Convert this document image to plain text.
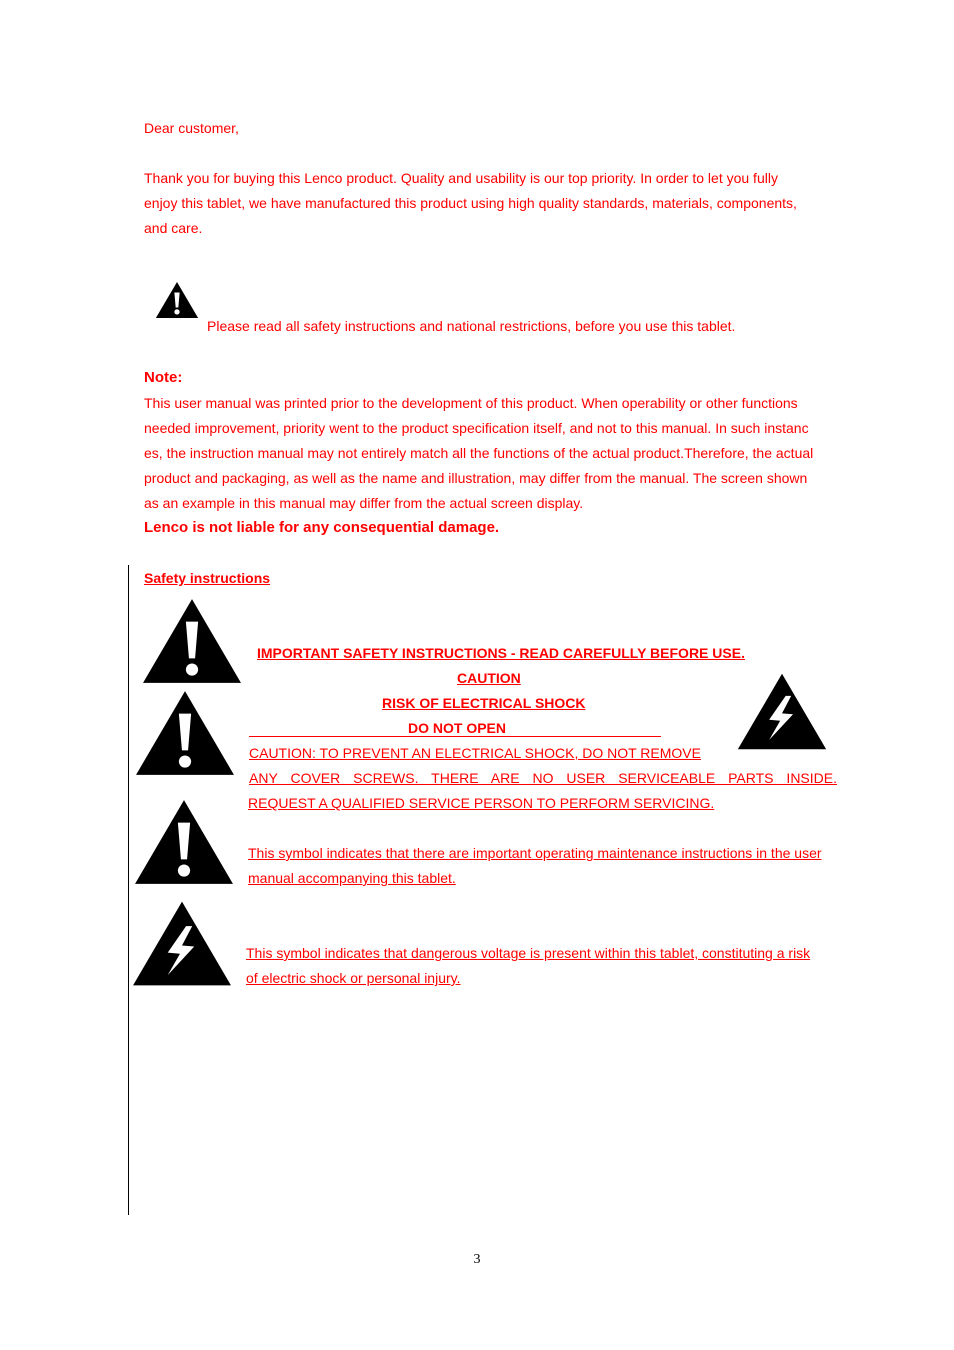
Dear customer,
Thank you for buying this Lenco product. Quality and usability is our top priority. In order to let you fully
enjoy this tablet, we have manufactured this product using high quality standards, materials, components,
and care.
Please read all safety instructions and national restrictions, before you use this tablet.
Note:
This user manual was printed prior to the development of this product. When operability or other functions
needed improvement, priority went to the product specification itself, and not to this manual. In such instanc
es, the instruction manual may not entirely match all the functions of the actual product.Therefore, the actual
product and packaging, as well as the name and illustration, may differ from the manual. The screen shown
as an example in this manual may differ from the actual screen display.
Lenco is not liable for any consequential damage.
Safety instructions
IMPORTANT SAFETY INSTRUCTIONS - READ CAREFULLY BEFORE USE.
CAUTION
RISK OF ELECTRICAL SHOCK
DO NOT OPEN
CAUTION: TO PREVENT AN ELECTRICAL SHOCK, DO NOT REMOVE
ANY COVER SCREWS. THERE ARE NO USER SERVICEABLE PARTS INSIDE.
REQUEST A QUALIFIED SERVICE PERSON TO PERFORM SERVICING.
This symbol indicates that there are important operating maintenance instructions in the user
manual accompanying this tablet.
This symbol indicates that dangerous voltage is present within this tablet, constituting a risk
of electric shock or personal injury.
3
